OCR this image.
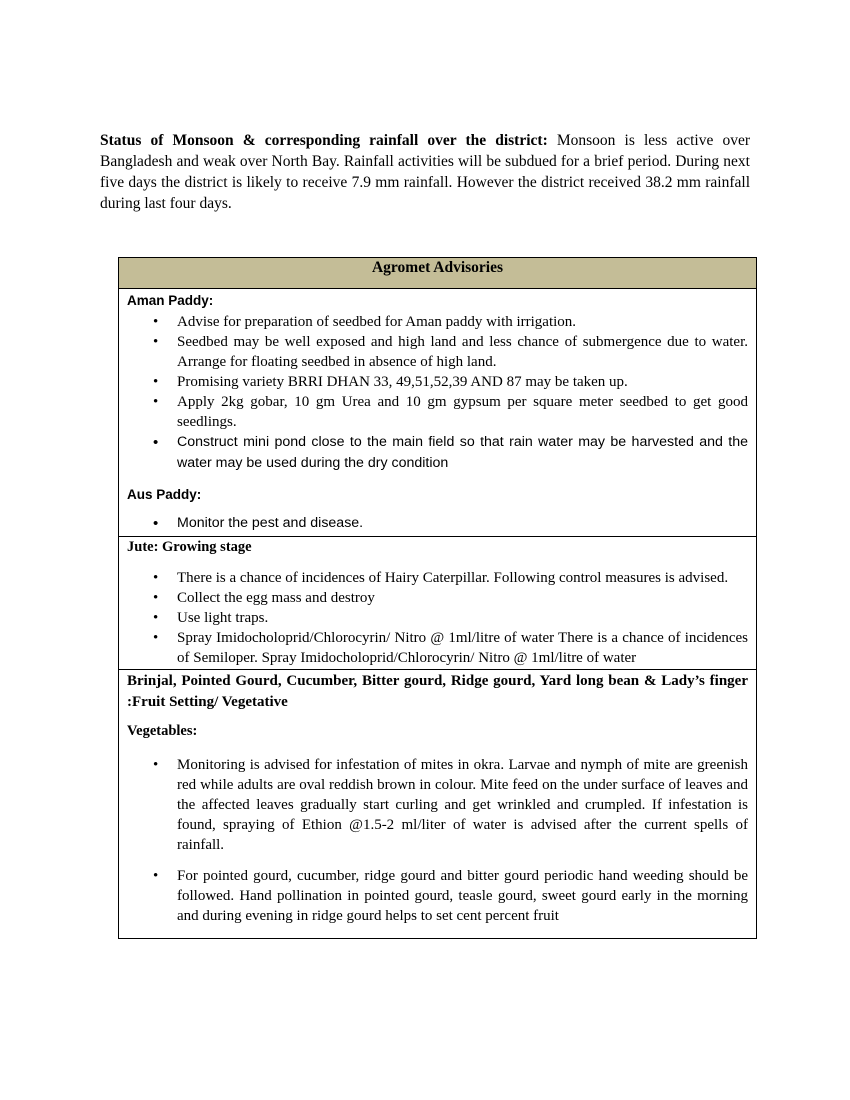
Status of Monsoon & corresponding rainfall over the district: Monsoon is less active over Bangladesh and weak over North Bay. Rainfall activities will be subdued for a brief period. During next five days the district is likely to receive 7.9 mm rainfall. However the district received 38.2 mm rainfall during last four days.

Agromet Advisories

Aman Paddy:

• Advise for preparation of seedbed for Aman paddy with irrigation.
• Seedbed may be well exposed and high land and less chance of submergence due to water. Arrange for floating seedbed in absence of high land.
• Promising variety BRRI DHAN 33, 49,51,52,39 AND 87 may be taken up.
• Apply 2kg gobar, 10 gm Urea and 10 gm gypsum per square meter seedbed to get good seedlings.
• Construct mini pond close to the main field so that rain water may be harvested and the water may be used during the dry condition

Aus Paddy:

• Monitor the pest and disease.

Jute: Growing stage

• There is a chance of incidences of Hairy Caterpillar. Following control measures is advised.
• Collect the egg mass and destroy
• Use light traps.
• Spray Imidocholoprid/Chlorocyrin/ Nitro @ 1ml/litre of water There is a chance of incidences of Semiloper. Spray Imidocholoprid/Chlorocyrin/ Nitro @ 1ml/litre of water

Brinjal, Pointed Gourd, Cucumber, Bitter gourd, Ridge gourd, Yard long bean & Lady’s finger :Fruit Setting/ Vegetative

Vegetables:

• Monitoring is advised for infestation of mites in okra. Larvae and nymph of mite are greenish red while adults are oval reddish brown in colour. Mite feed on the under surface of leaves and the affected leaves gradually start curling and get wrinkled and crumpled. If infestation is found, spraying of Ethion @1.5-2 ml/liter of water is advised after the current spells of rainfall.
• For pointed gourd, cucumber, ridge gourd and bitter gourd periodic hand weeding should be followed. Hand pollination in pointed gourd, teasle gourd, sweet gourd early in the morning and during evening in ridge gourd helps to set cent percent fruit
